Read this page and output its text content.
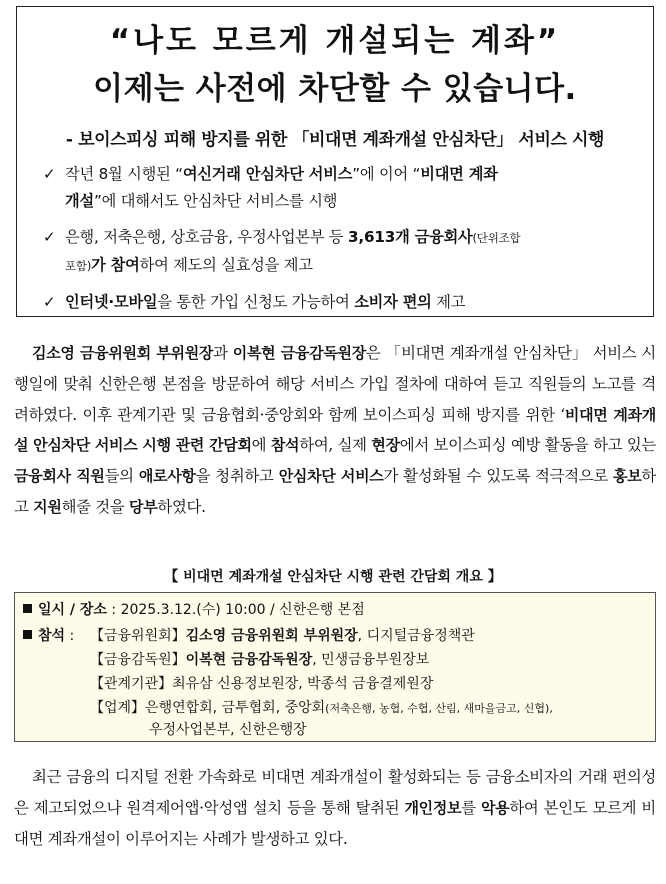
“나도 모르게 개설되는 계좌”
이제는 사전에 차단할 수 있습니다.
- 보이스피싱 피해 방지를 위한 「비대면 계좌개설 안심차단」 서비스 시행
✓ 작년 8월 시행된 “여신거래 안심차단 서비스”에 이어 “비대면 계좌
개설”에 대해서도 안심차단 서비스를 시행
✓ 은행, 저축은행, 상호금융, 우정사업본부 등 3,613개 금융회사(단위조합
포함)가 참여하여 제도의 실효성을 제고
✓ 인터넷·모바일을 통한 가입 신청도 가능하여 소비자 편의 제고
김소영 금융위원회 부위원장과 이복현 금융감독원장은 「비대면 계좌개설 안심차단」 서비스 시행일에 맞춰 신한은행 본점을 방문하여 해당 서비스 가입 절차에 대하여 듣고 직원들의 노고를 격려하였다. 이후 관계기관 및 금융협회·중앙회와 함께 보이스피싱 피해 방지를 위한 ‘비대면 계좌개설 안심차단 서비스 시행 관련 간담회에 참석하여, 실제 현장에서 보이스피싱 예방 활동을 하고 있는 금융회사 직원들의 애로사항을 청취하고 안심차단 서비스가 활성화될 수 있도록 적극적으로 홍보하고 지원해줄 것을 당부하였다.
【 비대면 계좌개설 안심차단 시행 관련 간담회 개요 】
일시 / 장소 : 2025.3.12.(수) 10:00 / 신한은행 본점
참석 : 【금융위원회】김소영 금융위원회 부위원장, 디지털금융정책관
【금융감독원】이복현 금융감독원장, 민생금융부원장보
【관계기관】최유삼 신용정보원장, 박종석 금융결제원장
【업계】은행연합회, 금투협회, 중앙회(저축은행, 농협, 수협, 산림, 새마을금고, 신협),
우정사업본부, 신한은행장
최근 금융의 디지털 전환 가속화로 비대면 계좌개설이 활성화되는 등 금융소비자의 거래 편의성은 제고되었으나 원격제어앱·악성앱 설치 등을 통해 탈취된 개인정보를 악용하여 본인도 모르게 비대면 계좌개설이 이루어지는 사례가 발생하고 있다.
